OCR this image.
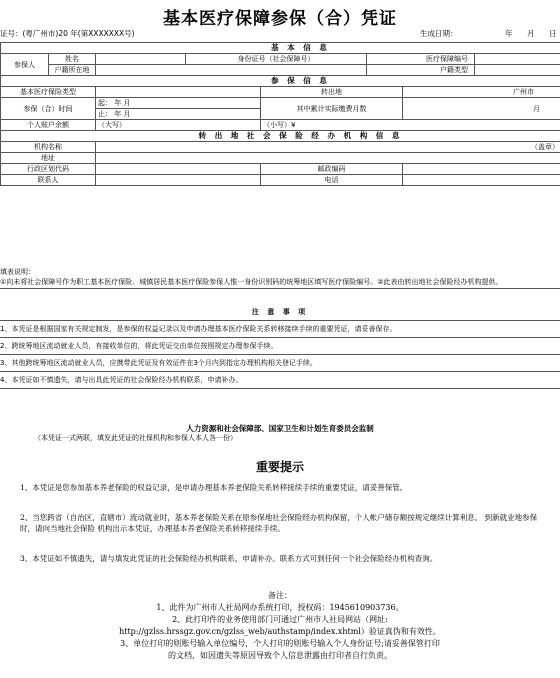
基本医疗保障参保（合）凭证
证号：(粤广州市)20 年(第XXXXXXX号)	生成日期：	年 月 日
基 本 信 息							
参保人	姓名		身份证号（社会保障号）		医疗保障编号		
	户籍所在地				户籍类型		
参 保 信 息							
基本医疗保险类型				转出地		广州市	
参保（合）时间		起： 年 月		其中累计实际缴费月数		月	
		止： 年 月					
个人账户余额		（大写）		（小写）¥			
转 出 地 社 会 保 险 经 办 机 构 信 息							
机构名称		（盖章）					
地址							
行政区划代码				邮政编码			
联系人				电话			
填表说明：
①向未将社会保障号作为职工基本医疗保险、城镇居民基本医疗保险参保人惟一身份识别码的统筹地区填写医疗保险编号。②此表由转出地社会保险经办机构提供。
注 意 事 项
1、本凭证是根据国家有关规定制发，是参保的权益记录以及申请办理基本医疗保险关系转移接续手续的重要凭证，请妥善保存。
2、跨统筹地区流动就业人员，有接收单位的，将此凭证交由单位按照规定办理参保手续。
3、其他跨统筹地区流动就业人员，应携带此凭证及有效证件在3个月内到指定办理机构相关登记手续。
4、本凭证如不慎遗失，请与出具此凭证的社会保险经办机构联系，申请补办。
人力资源和社会保障部、国家卫生和计划生育委员会监制
（本凭证一式两联，填发此凭证的社保机构和参保人本人各一份）
重要提示
1、本凭证是您参加基本养老保险的权益记录，是申请办理基本养老保险关系转移接续手续的重要凭证，请妥善保管。
2、当您跨省（自治区，直辖市）流动就业时，基本养老保险关系在原参保地社会保险经办机构保留，个人帐户储存额按规定继续计算利息。 到新就业地参保时，请向当地社会保险 机构出示本凭证，办理基本养老保险关系转移接续手续。
3、本凭证如不慎遗失，请与填发此凭证的社会保险经办机构联系，申请补办。联系方式可到任何一个社会保险经办机构查询。
备注：
1、此件为广州市人社局网办系统打印，授权码：1945610903736。
2、此打印件的业务使用部门可通过广州市人社局网站（网址:
http://gzlss.hrssgz.gov.cn/gzlss_web/authstamp/index.xhtml）验证真伪和有效性。
3、单位打印的则账号输入单位编号，个人打印的则账号输入个人身份证号;请妥善保管打印
的文档，如因遗失等原因导致个人信息泄露由打印者自行负责。
